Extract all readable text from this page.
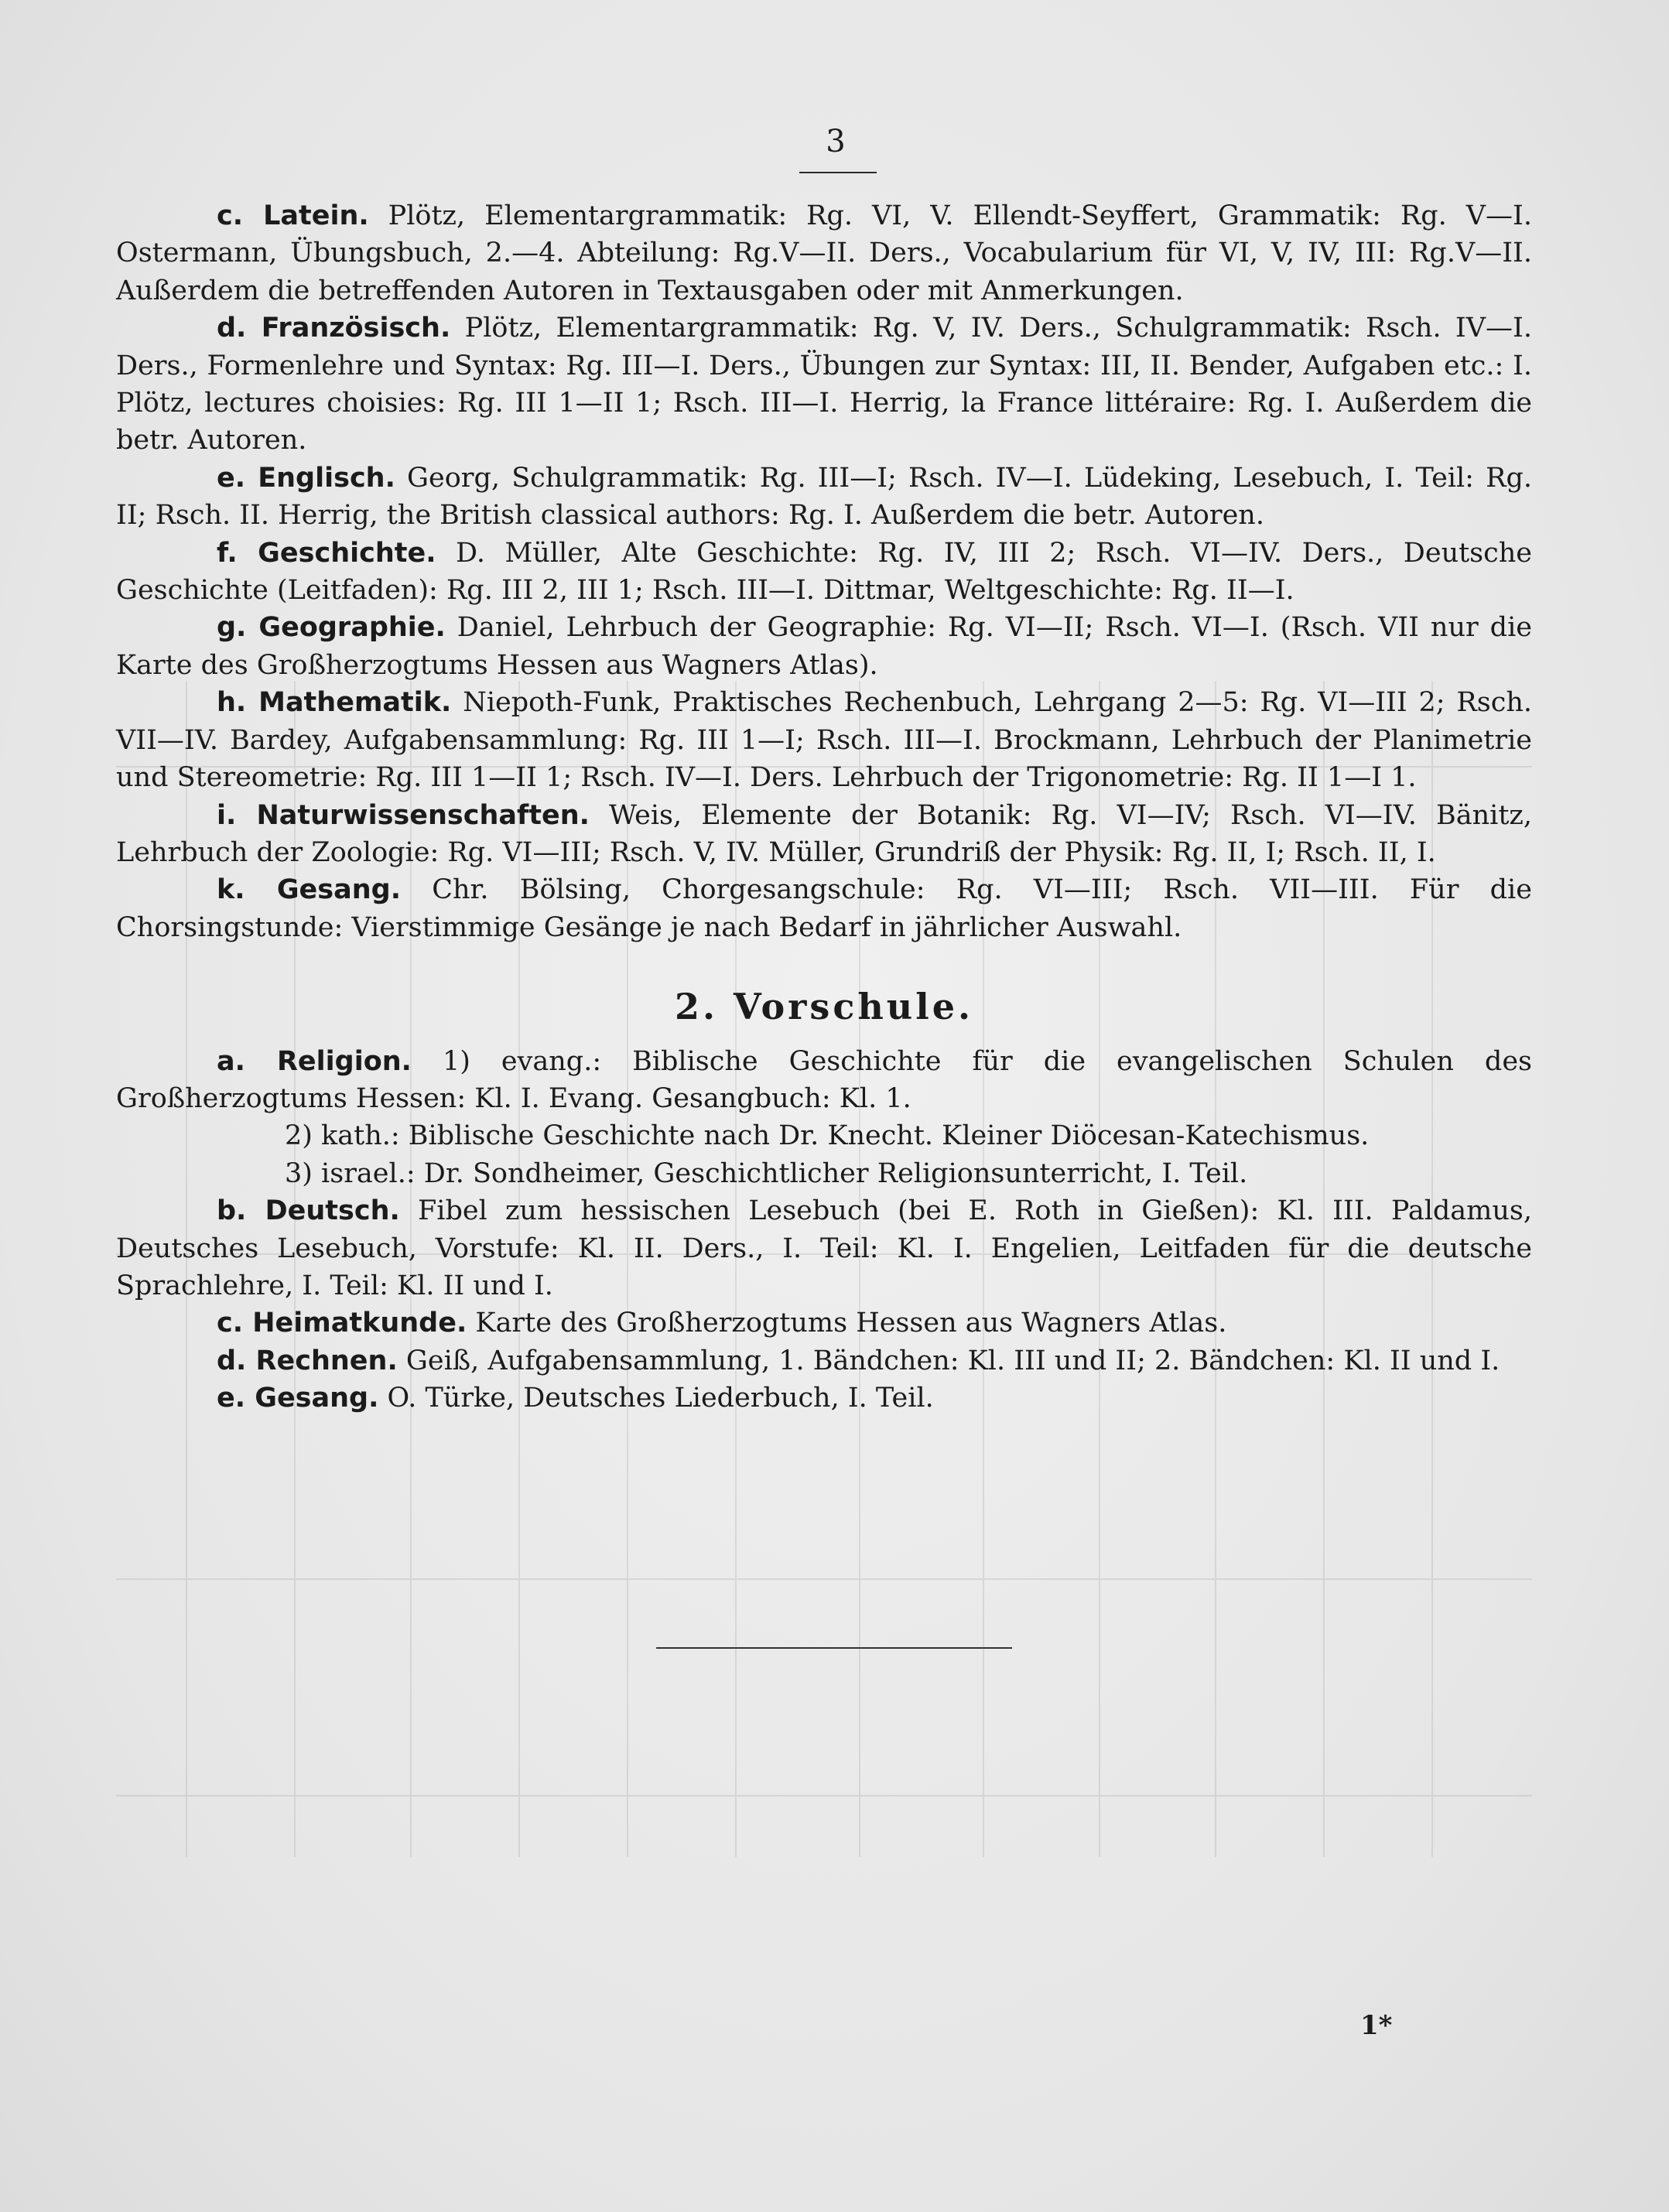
3

c. Latein. Plötz, Elementargrammatik: Rg. VI, V. Ellendt-Seyffert, Grammatik: Rg. V—I. Ostermann, Übungsbuch, 2.—4. Abteilung: Rg.V—II. Ders., Vocabularium für VI, V, IV, III: Rg.V—II. Außerdem die betreffenden Autoren in Textausgaben oder mit Anmerkungen.

d. Französisch. Plötz, Elementargrammatik: Rg. V, IV. Ders., Schulgrammatik: Rsch. IV—I. Ders., Formenlehre und Syntax: Rg. III—I. Ders., Übungen zur Syntax: III, II. Bender, Aufgaben etc.: I. Plötz, lectures choisies: Rg. III 1—II 1; Rsch. III—I. Herrig, la France littéraire: Rg. I. Außerdem die betr. Autoren.

e. Englisch. Georg, Schulgrammatik: Rg. III—I; Rsch. IV—I. Lüdeking, Lesebuch, I. Teil: Rg. II; Rsch. II. Herrig, the British classical authors: Rg. I. Außerdem die betr. Autoren.

f. Geschichte. D. Müller, Alte Geschichte: Rg. IV, III 2; Rsch. VI—IV. Ders., Deutsche Geschichte (Leitfaden): Rg. III 2, III 1; Rsch. III—I. Dittmar, Weltgeschichte: Rg. II—I.

g. Geographie. Daniel, Lehrbuch der Geographie: Rg. VI—II; Rsch. VI—I. (Rsch. VII nur die Karte des Großherzogtums Hessen aus Wagners Atlas).

h. Mathematik. Niepoth-Funk, Praktisches Rechenbuch, Lehrgang 2—5: Rg. VI—III 2; Rsch. VII—IV. Bardey, Aufgabensammlung: Rg. III 1—I; Rsch. III—I. Brockmann, Lehrbuch der Planimetrie und Stereometrie: Rg. III 1—II 1; Rsch. IV—I. Ders. Lehrbuch der Trigonometrie: Rg. II 1—I 1.

i. Naturwissenschaften. Weis, Elemente der Botanik: Rg. VI—IV; Rsch. VI—IV. Bänitz, Lehrbuch der Zoologie: Rg. VI—III; Rsch. V, IV. Müller, Grundriß der Physik: Rg. II, I; Rsch. II, I.

k. Gesang. Chr. Bölsing, Chorgesangschule: Rg. VI—III; Rsch. VII—III. Für die Chorsingstunde: Vierstimmige Gesänge je nach Bedarf in jährlicher Auswahl.

2. Vorschule.

a. Religion. 1) evang.: Biblische Geschichte für die evangelischen Schulen des Großherzogtums Hessen: Kl. I. Evang. Gesangbuch: Kl. 1.

2) kath.: Biblische Geschichte nach Dr. Knecht. Kleiner Diöcesan-Katechismus.

3) israel.: Dr. Sondheimer, Geschichtlicher Religionsunterricht, I. Teil.

b. Deutsch. Fibel zum hessischen Lesebuch (bei E. Roth in Gießen): Kl. III. Paldamus, Deutsches Lesebuch, Vorstufe: Kl. II. Ders., I. Teil: Kl. I. Engelien, Leitfaden für die deutsche Sprachlehre, I. Teil: Kl. II und I.

c. Heimatkunde. Karte des Großherzogtums Hessen aus Wagners Atlas.

d. Rechnen. Geiß, Aufgabensammlung, 1. Bändchen: Kl. III und II; 2. Bändchen: Kl. II und I.

e. Gesang. O. Türke, Deutsches Liederbuch, I. Teil.

1*
